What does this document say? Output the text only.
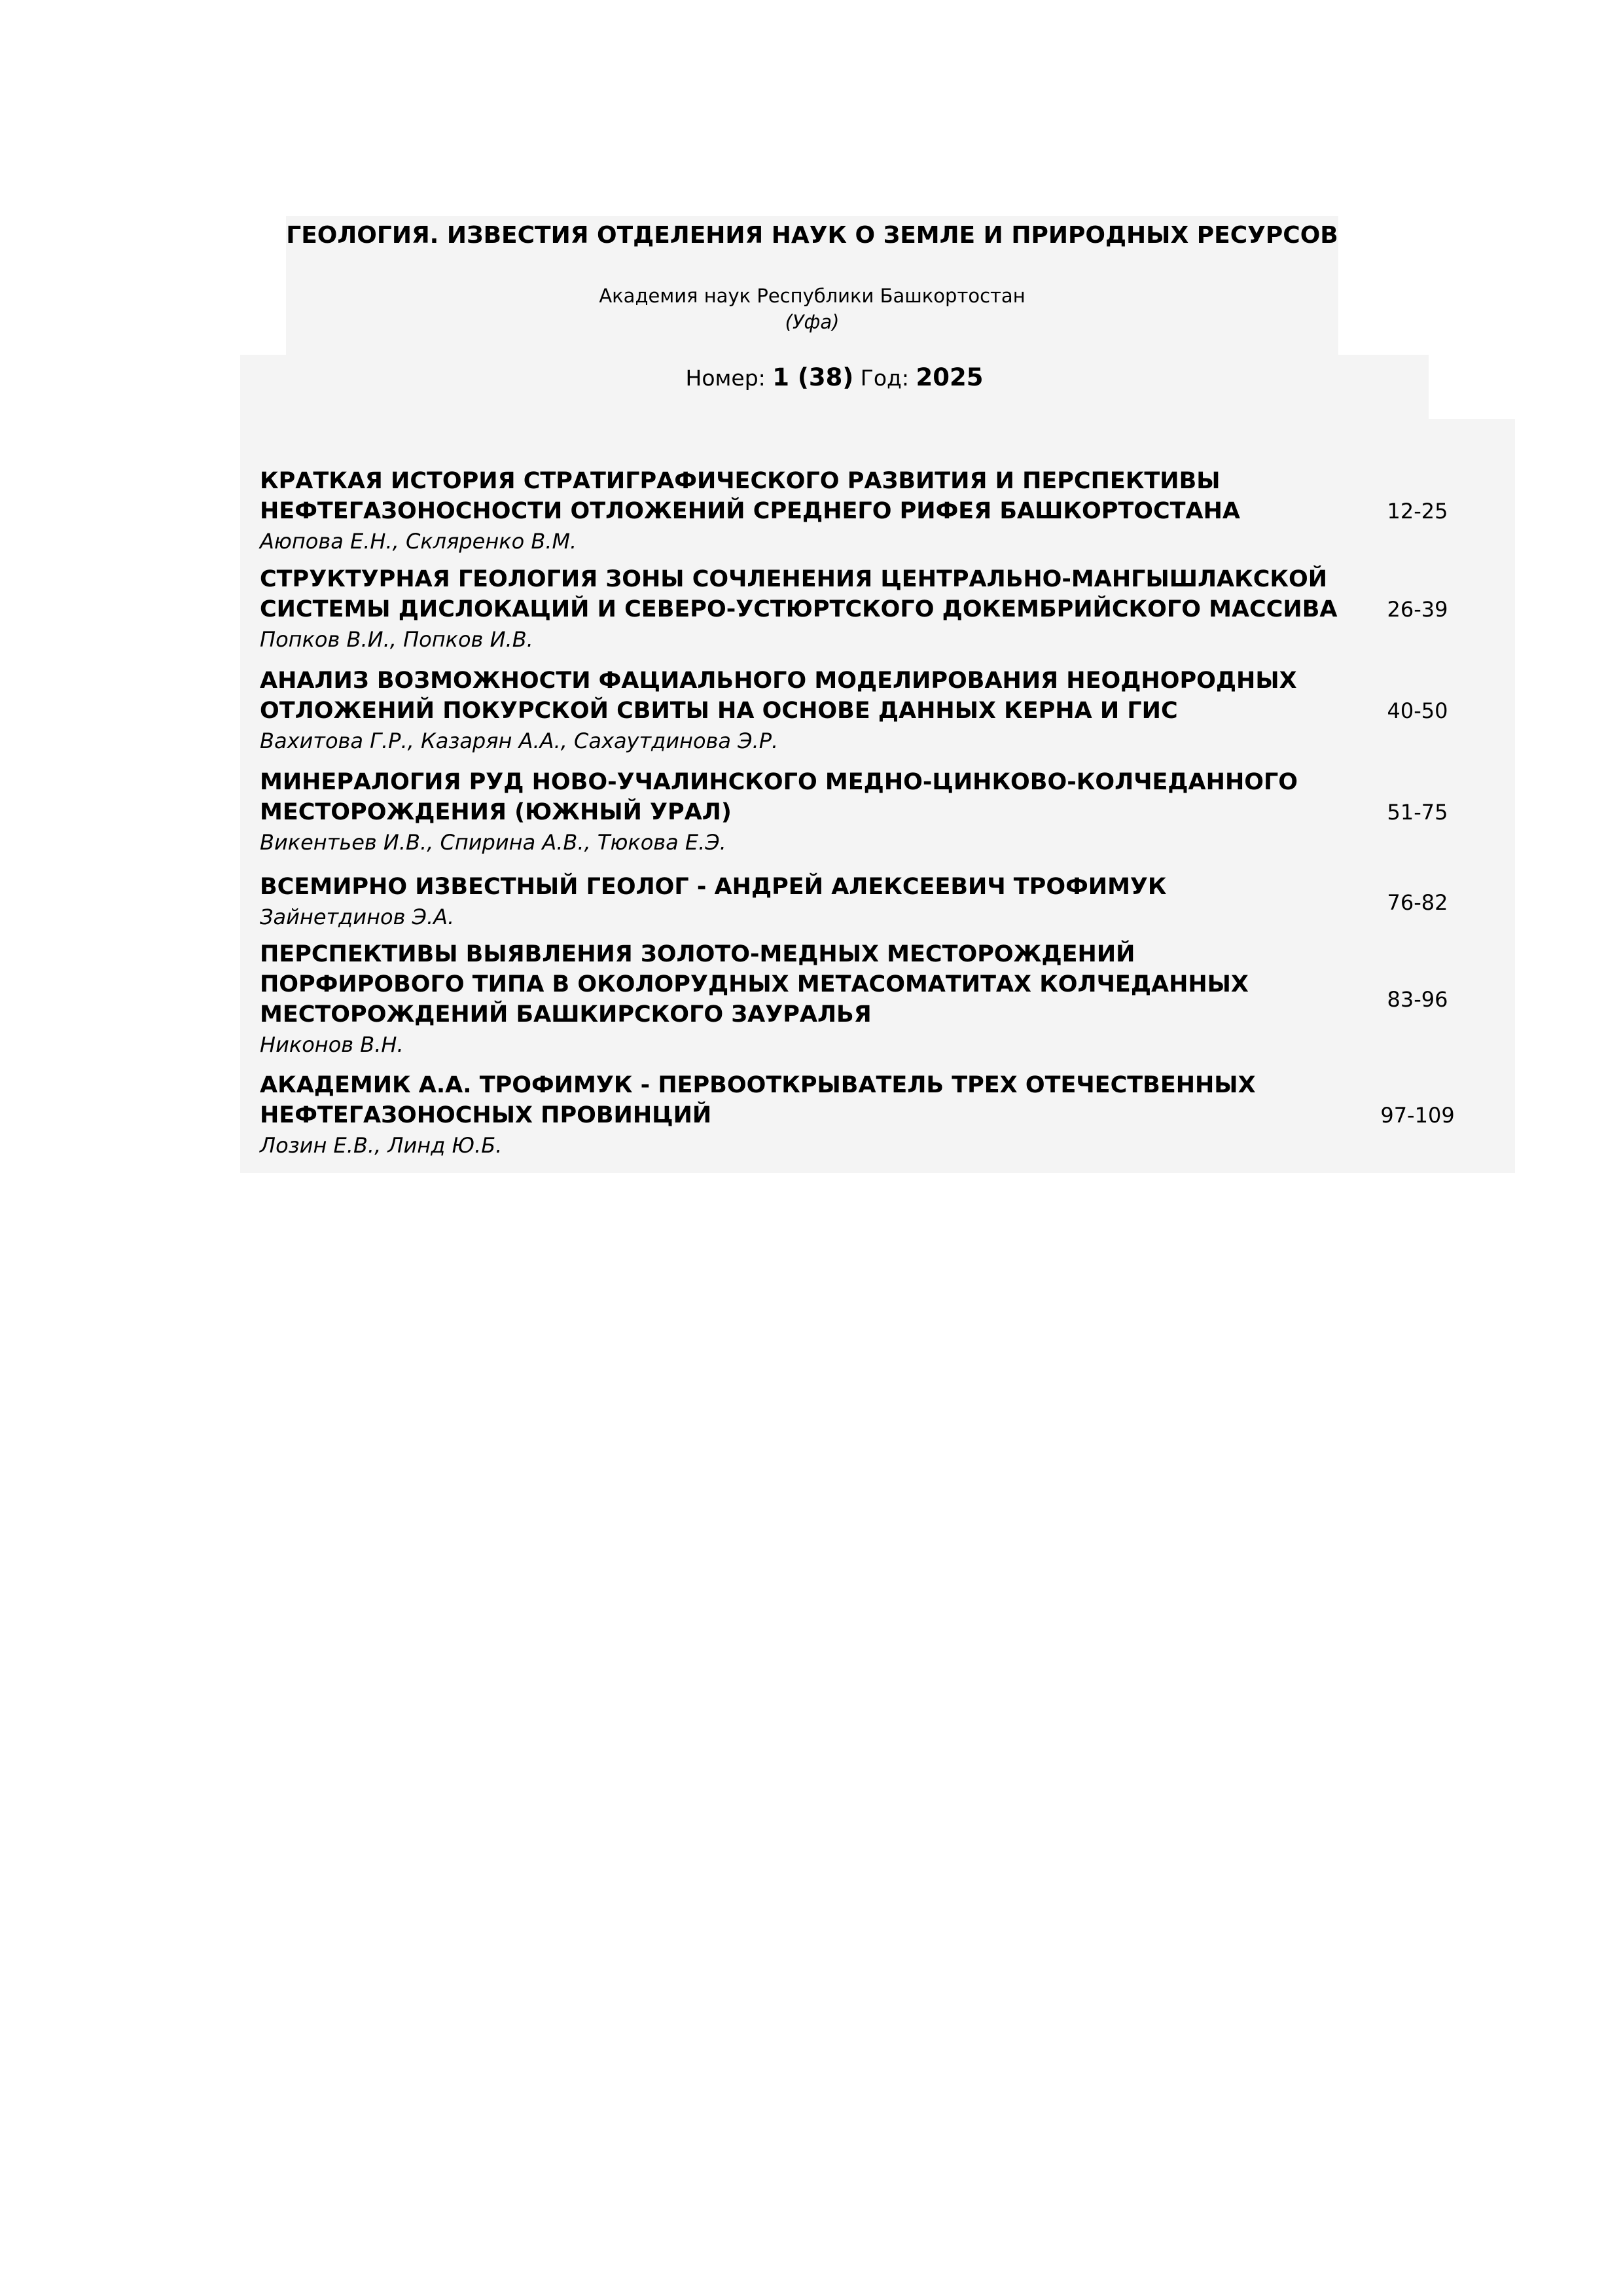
ГЕОЛОГИЯ. ИЗВЕСТИЯ ОТДЕЛЕНИЯ НАУК О ЗЕМЛЕ И ПРИРОДНЫХ РЕСУРСОВ
Академия наук Республики Башкортостан
(Уфа)
Номер: 1 (38) Год: 2025
КРАТКАЯ ИСТОРИЯ СТРАТИГРАФИЧЕСКОГО РАЗВИТИЯ И ПЕРСПЕКТИВЫ НЕФТЕГАЗОНОСНОСТИ ОТЛОЖЕНИЙ СРЕДНЕГО РИФЕЯ БАШКОРТОСТАНА
Аюпова Е.Н., Скляренко В.М.
12-25
СТРУКТУРНАЯ ГЕОЛОГИЯ ЗОНЫ СОЧЛЕНЕНИЯ ЦЕНТРАЛЬНО-МАНГЫШЛАКСКОЙ СИСТЕМЫ ДИСЛОКАЦИЙ И СЕВЕРО-УСТЮРТСКОГО ДОКЕМБРИЙСКОГО МАССИВА
Попков В.И., Попков И.В.
26-39
АНАЛИЗ ВОЗМОЖНОСТИ ФАЦИАЛЬНОГО МОДЕЛИРОВАНИЯ НЕОДНОРОДНЫХ ОТЛОЖЕНИЙ ПОКУРСКОЙ СВИТЫ НА ОСНОВЕ ДАННЫХ КЕРНА И ГИС
Вахитова Г.Р., Казарян А.А., Сахаутдинова Э.Р.
40-50
МИНЕРАЛОГИЯ РУД НОВО-УЧАЛИНСКОГО МЕДНО-ЦИНКОВО-КОЛЧЕДАННОГО МЕСТОРОЖДЕНИЯ (ЮЖНЫЙ УРАЛ)
Викентьев И.В., Спирина А.В., Тюкова Е.Э.
51-75
ВСЕМИРНО ИЗВЕСТНЫЙ ГЕОЛОГ - АНДРЕЙ АЛЕКСЕЕВИЧ ТРОФИМУК
Зайнетдинов Э.А.
76-82
ПЕРСПЕКТИВЫ ВЫЯВЛЕНИЯ ЗОЛОТО-МЕДНЫХ МЕСТОРОЖДЕНИЙ ПОРФИРОВОГО ТИПА В ОКОЛОРУДНЫХ МЕТАСОМАТИТАХ КОЛЧЕДАННЫХ МЕСТОРОЖДЕНИЙ БАШКИРСКОГО ЗАУРАЛЬЯ
Никонов В.Н.
83-96
АКАДЕМИК А.А. ТРОФИМУК - ПЕРВООТКРЫВАТЕЛЬ ТРЕХ ОТЕЧЕСТВЕННЫХ НЕФТЕГАЗОНОСНЫХ ПРОВИНЦИЙ
Лозин Е.В., Линд Ю.Б.
97-109
